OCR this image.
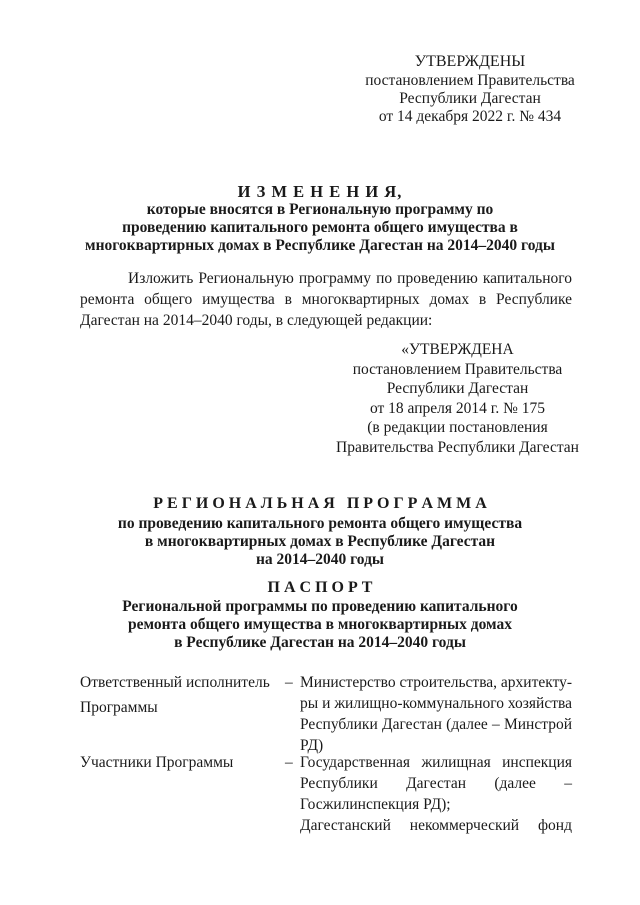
УТВЕРЖДЕНЫ
постановлением Правительства
Республики Дагестан
от 14 декабря 2022 г. № 434
И З М Е Н Е Н И Я,
которые вносятся в Региональную программу по
проведению капитального ремонта общего имущества в
многоквартирных домах в Республике Дагестан на 2014–2040 годы
Изложить Региональную программу по проведению капитального
ремонта общего имущества в многоквартирных домах в Республике
Дагестан на 2014–2040 годы, в следующей редакции:
«УТВЕРЖДЕНА
постановлением Правительства
Республики Дагестан
от 18 апреля 2014 г. № 175
(в редакции постановления
Правительства Республики Дагестан
Р Е Г И О Н А Л Ь Н А Я   П Р О Г Р А М М А
по проведению капитального ремонта общего имущества
в многоквартирных домах в Республике Дагестан
на 2014–2040 годы
П А С П О Р Т
Региональной программы по проведению капитального
ремонта общего имущества в многоквартирных домах
в Республике Дагестан на 2014–2040 годы
Ответственный исполнитель
Программы
– Министерство строительства, архитекту-
ры и жилищно-коммунального хозяйства
Республики Дагестан (далее – Минстрой
РД)
Участники Программы	– Государственная жилищная инспекция
Республики Дагестан (далее –
Госжилинспекция РД);
Дагестанский некоммерческий фонд
